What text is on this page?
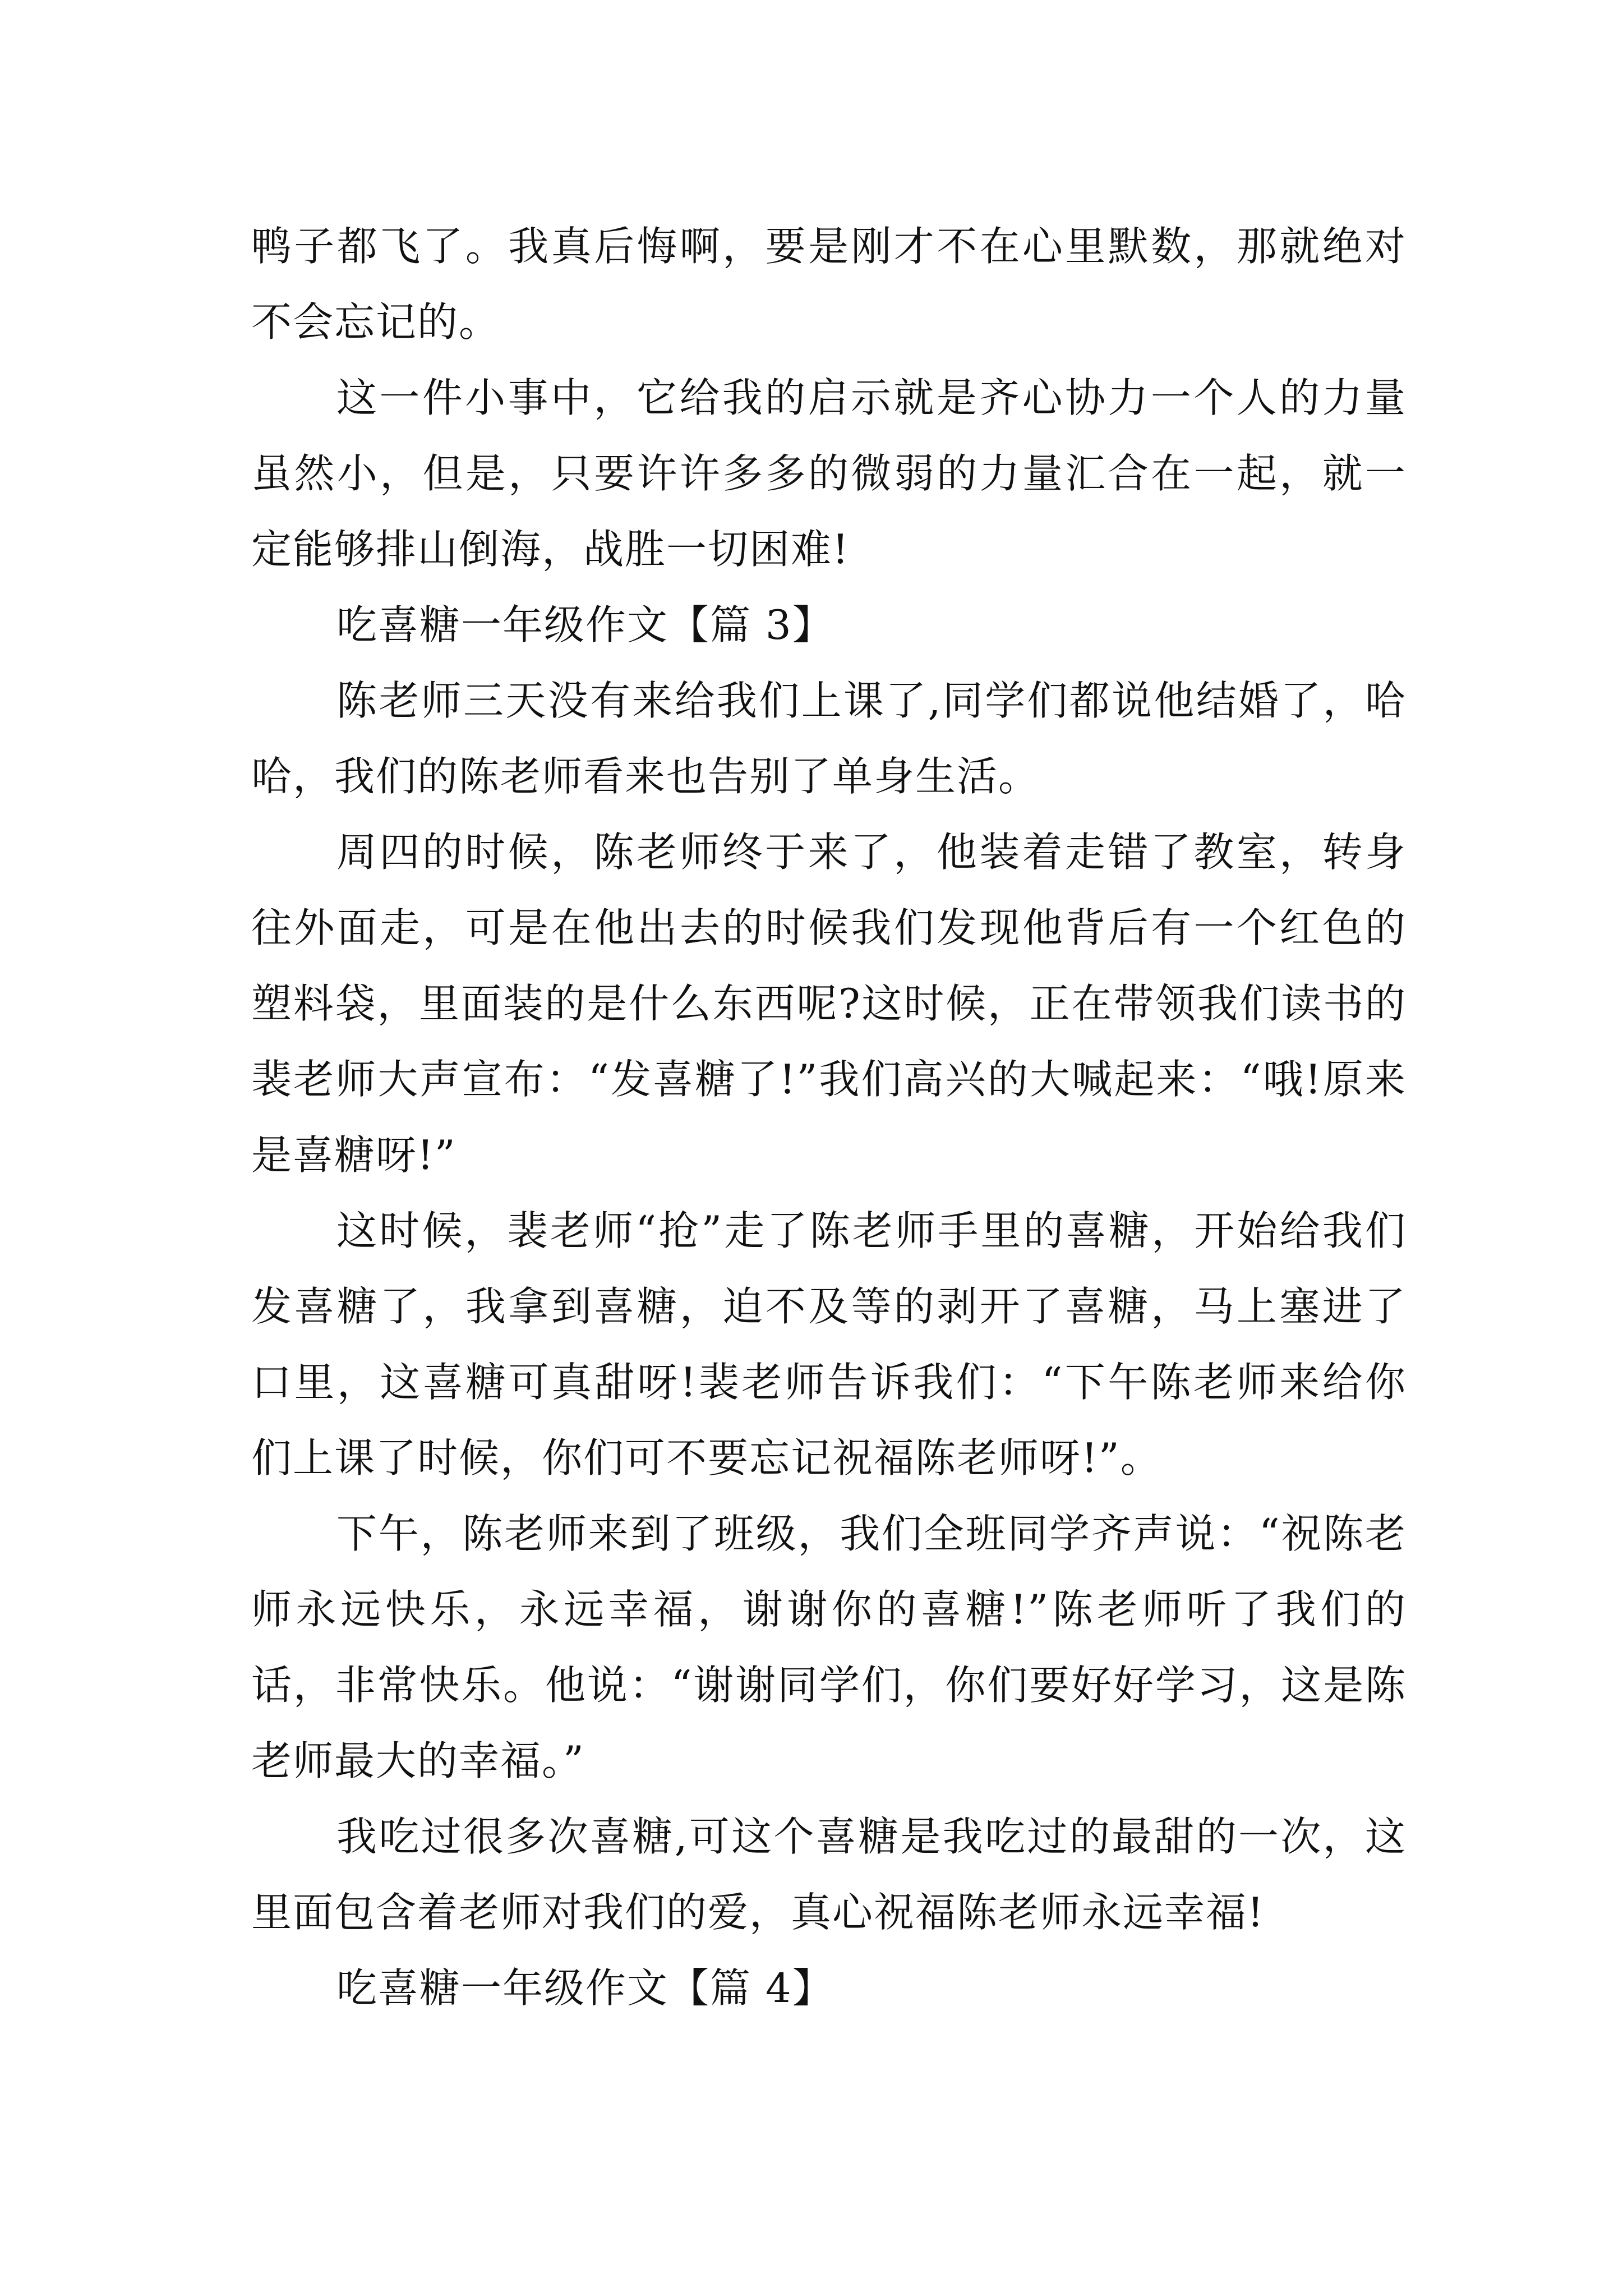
鸭子都飞了。我真后悔啊，要是刚才不在心里默数，那就绝对不会忘记的。

这一件小事中，它给我的启示就是齐心协力一个人的力量虽然小，但是，只要许许多多的微弱的力量汇合在一起，就一定能够排山倒海，战胜一切困难!

吃喜糖一年级作文【篇 3】

陈老师三天没有来给我们上课了,同学们都说他结婚了，哈哈，我们的陈老师看来也告别了单身生活。

周四的时候，陈老师终于来了，他装着走错了教室，转身往外面走，可是在他出去的时候我们发现他背后有一个红色的塑料袋，里面装的是什么东西呢?这时候，正在带领我们读书的裴老师大声宣布：“发喜糖了!”我们高兴的大喊起来：“哦!原来是喜糖呀!”

这时候，裴老师“抢”走了陈老师手里的喜糖，开始给我们发喜糖了，我拿到喜糖，迫不及等的剥开了喜糖，马上塞进了口里，这喜糖可真甜呀!裴老师告诉我们：“下午陈老师来给你们上课了时候，你们可不要忘记祝福陈老师呀!”。

下午，陈老师来到了班级，我们全班同学齐声说：“祝陈老师永远快乐，永远幸福，谢谢你的喜糖!”陈老师听了我们的话，非常快乐。他说：“谢谢同学们，你们要好好学习，这是陈老师最大的幸福。”

我吃过很多次喜糖,可这个喜糖是我吃过的最甜的一次，这里面包含着老师对我们的爱，真心祝福陈老师永远幸福!

吃喜糖一年级作文【篇 4】
